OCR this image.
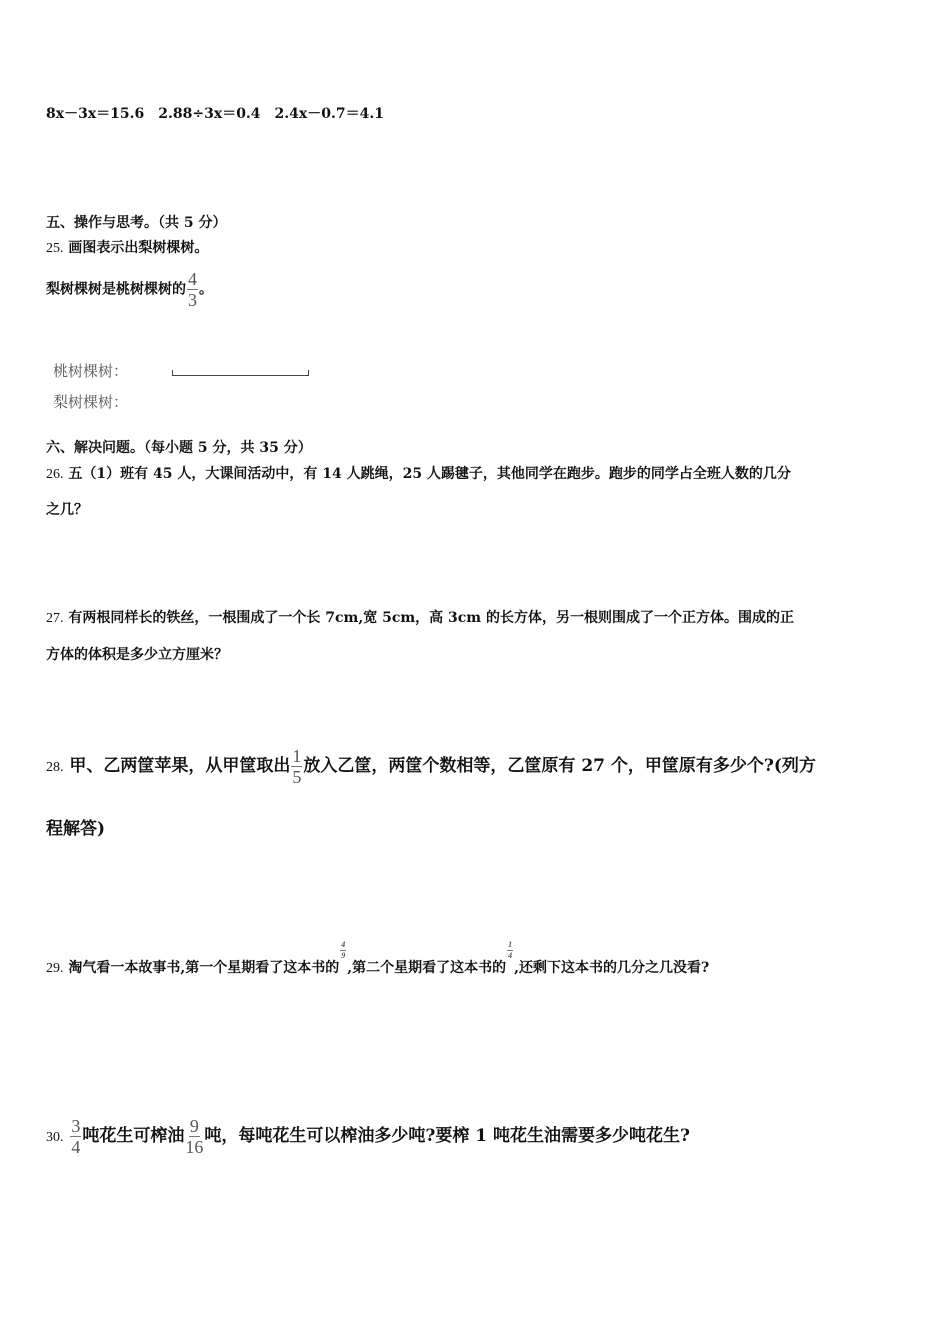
8x－3x＝15.6　2.88÷3x＝0.4　2.4x－0.7＝4.1
五、操作与思考。（共 5 分）
25. 画图表示出梨树棵树。
梨树棵树是桃树棵树的 $\frac{4}{3}$ 。
桃树棵树：
梨树棵树：
六、解决问题。（每小题 5 分，共 35 分）
26. 五（1）班有 45 人，大课间活动中，有 14 人跳绳，25 人踢毽子，其他同学在跑步。跑步的同学占全班人数的几分
之几？
27. 有两根同样长的铁丝，一根围成了一个长 7cm,宽 5cm，高 3cm 的长方体，另一根则围成了一个正方体。围成的正
方体的体积是多少立方厘米？
28. 甲、乙两筐苹果，从甲筐取出 $\frac{1}{5}$ 放入乙筐，两筐个数相等，乙筐原有 27 个，甲筐原有多少个?(列方
程解答)
29. 淘气看一本故事书,第一个星期看了这本书的
$\frac{4}{9}$
,第二个星期看了这本书的
$\frac{1}{4}$
,还剩下这本书的几分之几没看?
30. $\frac{3}{4}$ 吨花生可榨油 $\frac{9}{16}$ 吨，每吨花生可以榨油多少吨?要榨 1 吨花生油需要多少吨花生?
